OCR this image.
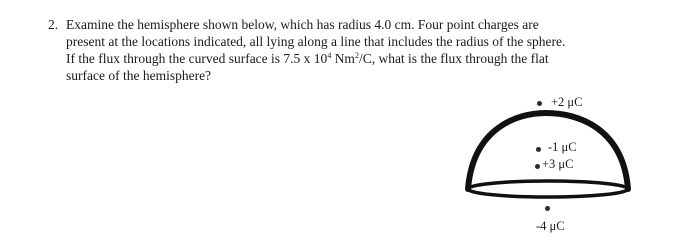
2. Examine the hemisphere shown below, which has radius 4.0 cm. Four point charges are
present at the locations indicated, all lying along a line that includes the radius of the sphere.
If the flux through the curved surface is 7.5 x $10^4$ Nm$^2$/C, what is the flux through the flat
surface of the hemisphere?
+2 μC
-1 μC
+3 μC
-4 μC
